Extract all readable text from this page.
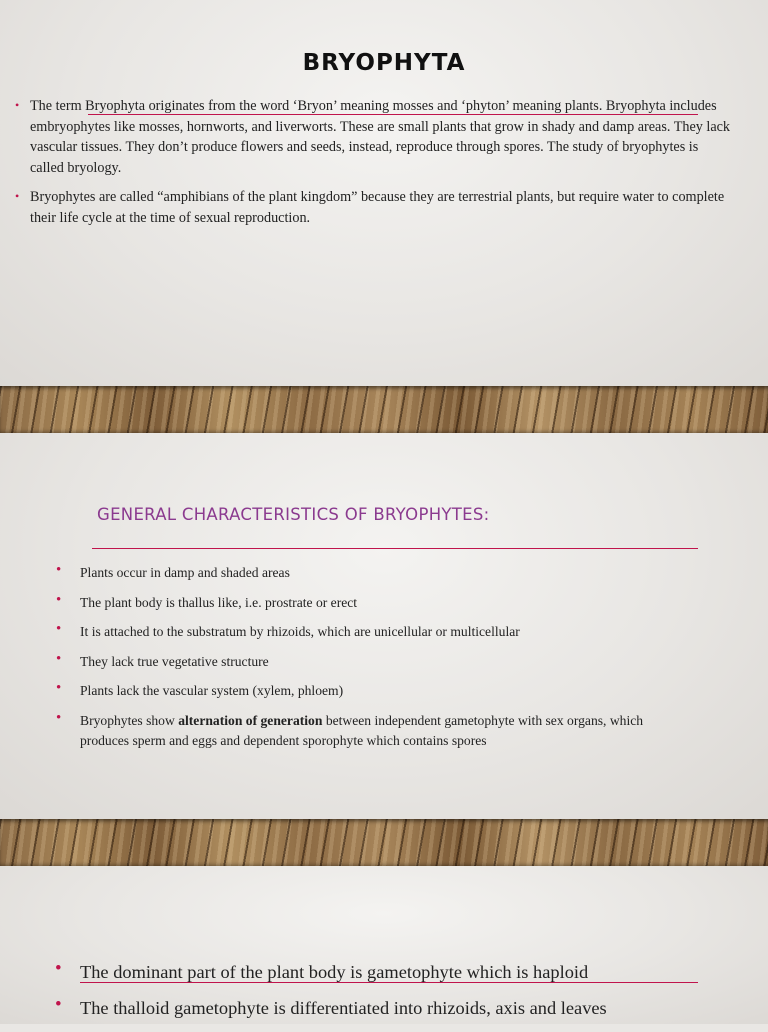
BRYOPHYTA
• The term Bryophyta originates from the word ‘Bryon’ meaning mosses and ‘phyton’ meaning plants. Bryophyta includes embryophytes like mosses, hornworts, and liverworts. These are small plants that grow in shady and damp areas. They lack vascular tissues. They don’t produce flowers and seeds, instead, reproduce through spores. The study of bryophytes is called bryology.
• Bryophytes are called “amphibians of the plant kingdom” because they are terrestrial plants, but require water to complete their life cycle at the time of sexual reproduction.
GENERAL CHARACTERISTICS OF BRYOPHYTES:
• Plants occur in damp and shaded areas
• The plant body is thallus like, i.e. prostrate or erect
• It is attached to the substratum by rhizoids, which are unicellular or multicellular
• They lack true vegetative structure
• Plants lack the vascular system (xylem, phloem)
• Bryophytes show alternation of generation between independent gametophyte with sex organs, which produces sperm and eggs and dependent sporophyte which contains spores
• The dominant part of the plant body is gametophyte which is haploid
• The thalloid gametophyte is differentiated into rhizoids, axis and leaves
